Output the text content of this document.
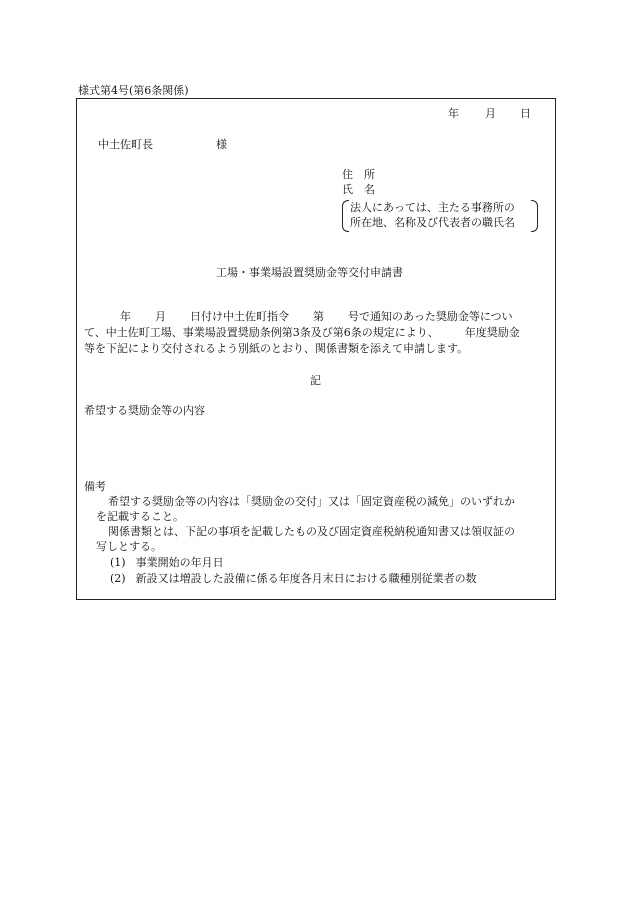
様式第4号(第6条関係)
年 月 日
中土佐町長	様
住　所
氏　名
法人にあっては、主たる事務所の
所在地、名称及び代表者の職氏名
工場・事業場設置奨励金等交付申請書
年 月 日付け中土佐町指令 第 号で通知のあった奨励金等につい
て、中土佐町工場、事業場設置奨励条例第3条及び第6条の規定により、 年度奨励金
等を下記により交付されるよう別紙のとおり、関係書類を添えて申請します。
記
希望する奨励金等の内容
備考
希望する奨励金等の内容は「奨励金の交付」又は「固定資産税の減免」のいずれか
を記載すること。
関係書類とは、下記の事項を記載したもの及び固定資産税納税通知書又は領収証の
写しとする。
(1) 事業開始の年月日
(2) 新設又は増設した設備に係る年度各月末日における職種別従業者の数
